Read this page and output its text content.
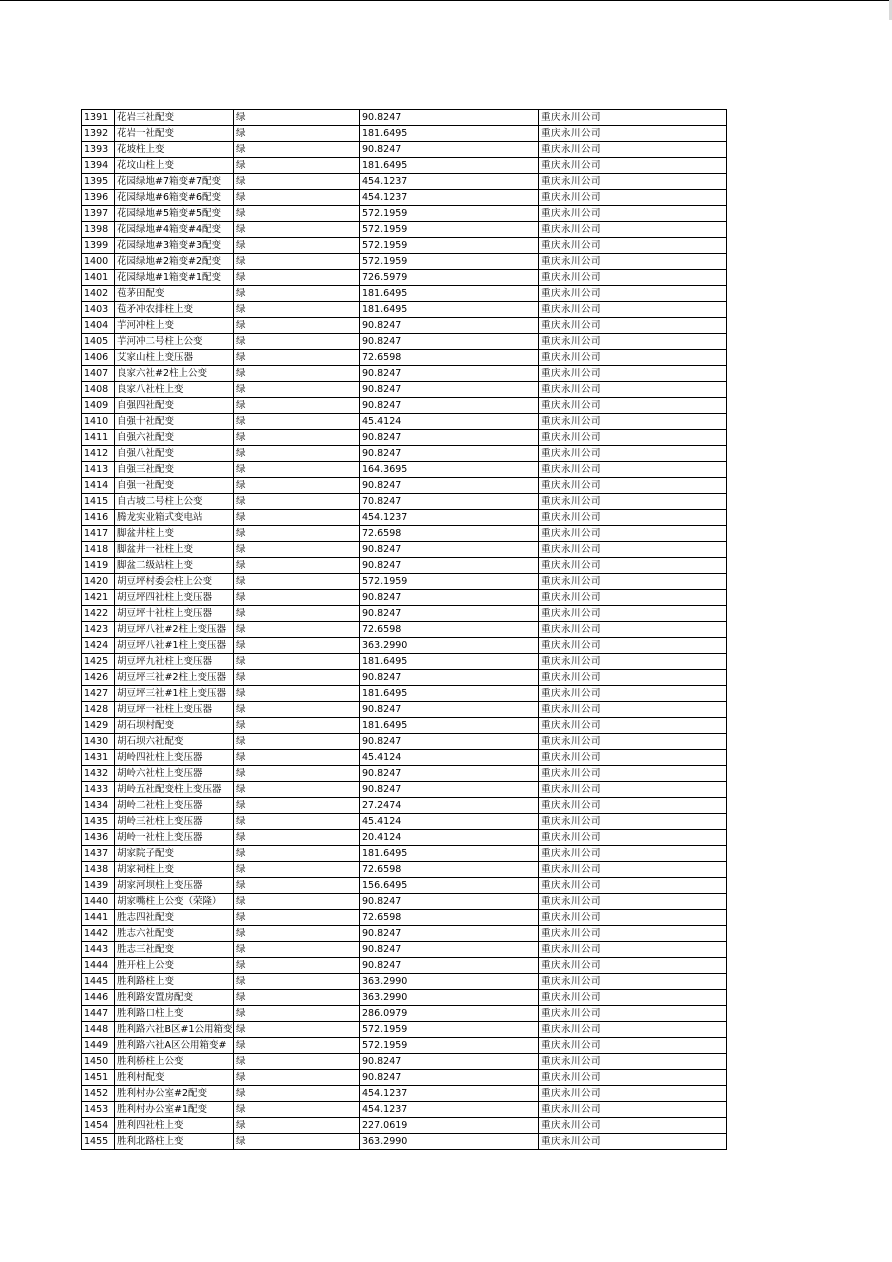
1391	花岩三社配变	绿	90.8247	重庆永川公司
1392	花岩一社配变	绿	181.6495	重庆永川公司
1393	花坡柱上变	绿	90.8247	重庆永川公司
1394	花坟山柱上变	绿	181.6495	重庆永川公司
1395	花园绿地#7箱变#7配变	绿	454.1237	重庆永川公司
1396	花园绿地#6箱变#6配变	绿	454.1237	重庆永川公司
1397	花园绿地#5箱变#5配变	绿	572.1959	重庆永川公司
1398	花园绿地#4箱变#4配变	绿	572.1959	重庆永川公司
1399	花园绿地#3箱变#3配变	绿	572.1959	重庆永川公司
1400	花园绿地#2箱变#2配变	绿	572.1959	重庆永川公司
1401	花园绿地#1箱变#1配变	绿	726.5979	重庆永川公司
1402	苞茅田配变	绿	181.6495	重庆永川公司
1403	苞矛冲农排柱上变	绿	181.6495	重庆永川公司
1404	芋河冲柱上变	绿	90.8247	重庆永川公司
1405	芋河冲二号柱上公变	绿	90.8247	重庆永川公司
1406	艾家山柱上变压器	绿	72.6598	重庆永川公司
1407	良家六社#2柱上公变	绿	90.8247	重庆永川公司
1408	良家八社柱上变	绿	90.8247	重庆永川公司
1409	自强四社配变	绿	90.8247	重庆永川公司
1410	自强十社配变	绿	45.4124	重庆永川公司
1411	自强六社配变	绿	90.8247	重庆永川公司
1412	自强八社配变	绿	90.8247	重庆永川公司
1413	自强三社配变	绿	164.3695	重庆永川公司
1414	自强一社配变	绿	90.8247	重庆永川公司
1415	自古坡二号柱上公变	绿	70.8247	重庆永川公司
1416	腾龙实业箱式变电站	绿	454.1237	重庆永川公司
1417	脚盆井柱上变	绿	72.6598	重庆永川公司
1418	脚盆井一社柱上变	绿	90.8247	重庆永川公司
1419	脚盆二级站柱上变	绿	90.8247	重庆永川公司
1420	胡豆坪村委会柱上公变	绿	572.1959	重庆永川公司
1421	胡豆坪四社柱上变压器	绿	90.8247	重庆永川公司
1422	胡豆坪十社柱上变压器	绿	90.8247	重庆永川公司
1423	胡豆坪八社#2柱上变压器	绿	72.6598	重庆永川公司
1424	胡豆坪八社#1柱上变压器	绿	363.2990	重庆永川公司
1425	胡豆坪九社柱上变压器	绿	181.6495	重庆永川公司
1426	胡豆坪三社#2柱上变压器	绿	90.8247	重庆永川公司
1427	胡豆坪三社#1柱上变压器	绿	181.6495	重庆永川公司
1428	胡豆坪一社柱上变压器	绿	90.8247	重庆永川公司
1429	胡石坝村配变	绿	181.6495	重庆永川公司
1430	胡石坝六社配变	绿	90.8247	重庆永川公司
1431	胡岭四社柱上变压器	绿	45.4124	重庆永川公司
1432	胡岭六社柱上变压器	绿	90.8247	重庆永川公司
1433	胡岭五社配变柱上变压器	绿	90.8247	重庆永川公司
1434	胡岭二社柱上变压器	绿	27.2474	重庆永川公司
1435	胡岭三社柱上变压器	绿	45.4124	重庆永川公司
1436	胡岭一社柱上变压器	绿	20.4124	重庆永川公司
1437	胡家院子配变	绿	181.6495	重庆永川公司
1438	胡家祠柱上变	绿	72.6598	重庆永川公司
1439	胡家河坝柱上变压器	绿	156.6495	重庆永川公司
1440	胡家嘴柱上公变（荣隆）	绿	90.8247	重庆永川公司
1441	胜志四社配变	绿	72.6598	重庆永川公司
1442	胜志六社配变	绿	90.8247	重庆永川公司
1443	胜志三社配变	绿	90.8247	重庆永川公司
1444	胜开柱上公变	绿	90.8247	重庆永川公司
1445	胜利路柱上变	绿	363.2990	重庆永川公司
1446	胜利路安置房配变	绿	363.2990	重庆永川公司
1447	胜利路口柱上变	绿	286.0979	重庆永川公司
1448	胜利路六社B区#1公用箱变	绿	572.1959	重庆永川公司
1449	胜利路六社A区公用箱变#	绿	572.1959	重庆永川公司
1450	胜利桥柱上公变	绿	90.8247	重庆永川公司
1451	胜利村配变	绿	90.8247	重庆永川公司
1452	胜利村办公室#2配变	绿	454.1237	重庆永川公司
1453	胜利村办公室#1配变	绿	454.1237	重庆永川公司
1454	胜利四社柱上变	绿	227.0619	重庆永川公司
1455	胜利北路柱上变	绿	363.2990	重庆永川公司
